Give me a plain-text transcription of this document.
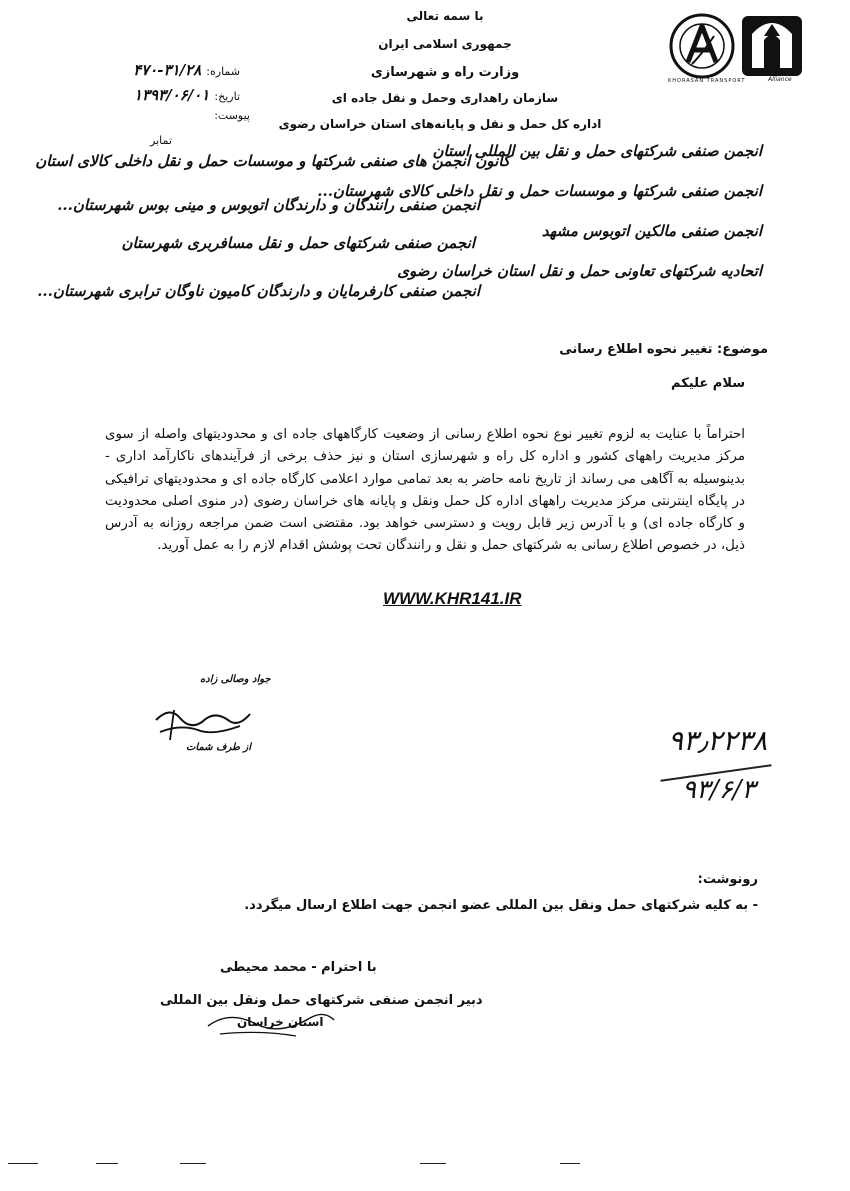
Alliance
KHORASAN TRANSPORT
با سمه تعالی
جمهوری اسلامی ایران
وزارت راه و شهرسازی
سازمان راهداری وحمل و نقل جاده ای
اداره کل حمل و نقل و پایانه‌های استان خراسان رضوی
شماره: ۳۱/۲۸-۴۷۰
تاریخ: ۱۳۹۳/۰۶/۰۱
پیوست:
انجمن صنفی شرکتهای حمل و نقل بین المللی استان
انجمن صنفی شرکتها و موسسات حمل و نقل داخلی کالای شهرستان...
انجمن صنفی مالکین اتوبوس مشهد
اتحادیه شرکتهای تعاونی حمل و نقل استان خراسان رضوی
تمابر
کانون انجمن های صنفی شرکتها و موسسات حمل و نقل داخلی کالای استان
انجمن صنفی رانندگان و دارندگان اتوبوس و مینی بوس شهرستان...
انجمن صنفی شرکتهای حمل و نقل مسافربری شهرستان
انجمن صنفی کارفرمایان و دارندگان کامیون ناوگان ترابری شهرستان...
موضوع: تغییر نحوه اطلاع رسانی
سلام علیکم
احتراماً با عنایت به لزوم تغییر نوع نحوه اطلاع رسانی از وضعیت کارگاههای جاده ای و محدودیتهای واصله از سوی مرکز مدیریت راههای کشور و اداره کل راه و شهرسازی استان و نیز حذف برخی از فرآیندهای ناکارآمد اداری - بدینوسیله به آگاهی می رساند از تاریخ نامه حاضر به بعد تمامی موارد اعلامی کارگاه جاده ای و محدودیتهای ترافیکی در پایگاه اینترنتی مرکز مدیریت راههای اداره کل حمل ونقل و پایانه های خراسان رضوی (در منوی اصلی محدودیت و کارگاه جاده ای) و با آدرس زیر قابل رویت و دسترسی خواهد بود. مقتضی است ضمن مراجعه روزانه به آدرس ذیل، در خصوص اطلاع رسانی به شرکتهای حمل و نقل و رانندگان تحت پوشش اقدام لازم را به عمل آورید.
WWW.KHR141.IR
جواد وصالی زاده
از طرف شمات	۹۳٫۲۲۳۸
۹۳/۶/۳
رونوشت:
- به کلیه شرکتهای حمل ونقل بین المللی عضو انجمن جهت اطلاع ارسال میگردد.
با احترام - محمد محیطی
دبیر انجمن صنفی شرکتهای حمل ونقل بین المللی
استان خراسان
